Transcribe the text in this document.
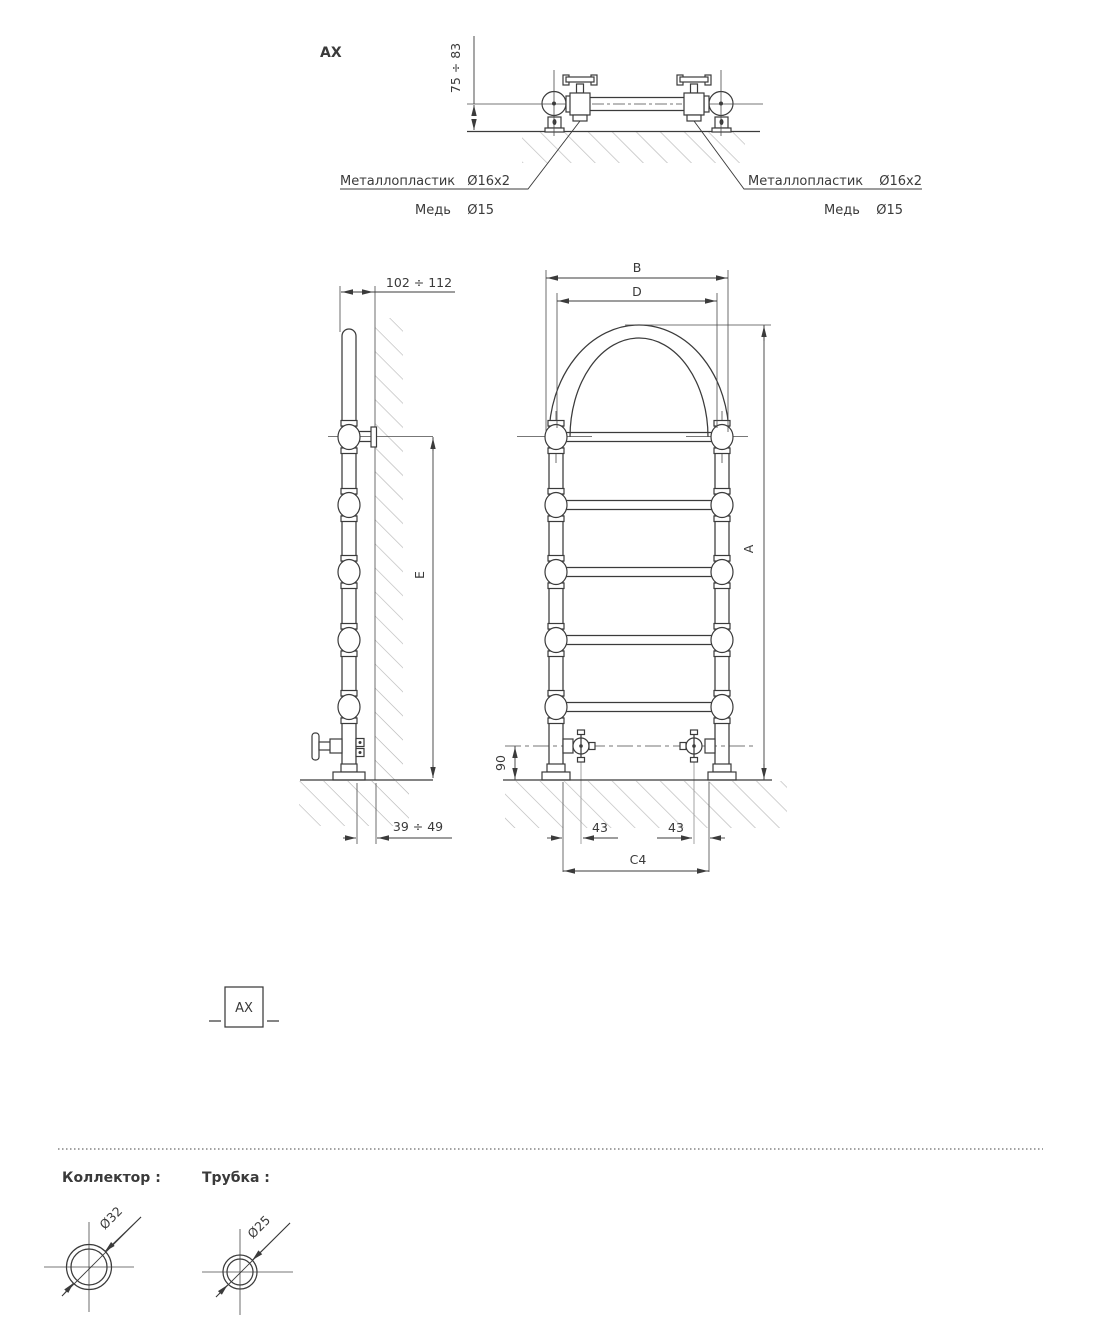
75 ÷ 83
Металлопластик Ø16x2
Медь Ø15
Металлопластик Ø16x2
Медь Ø15
AX
102 ÷ 112
E
39 ÷ 49
B
D
A
90
43	43
C4
AX
Коллектор :	Трубка :
Ø32	Ø25
